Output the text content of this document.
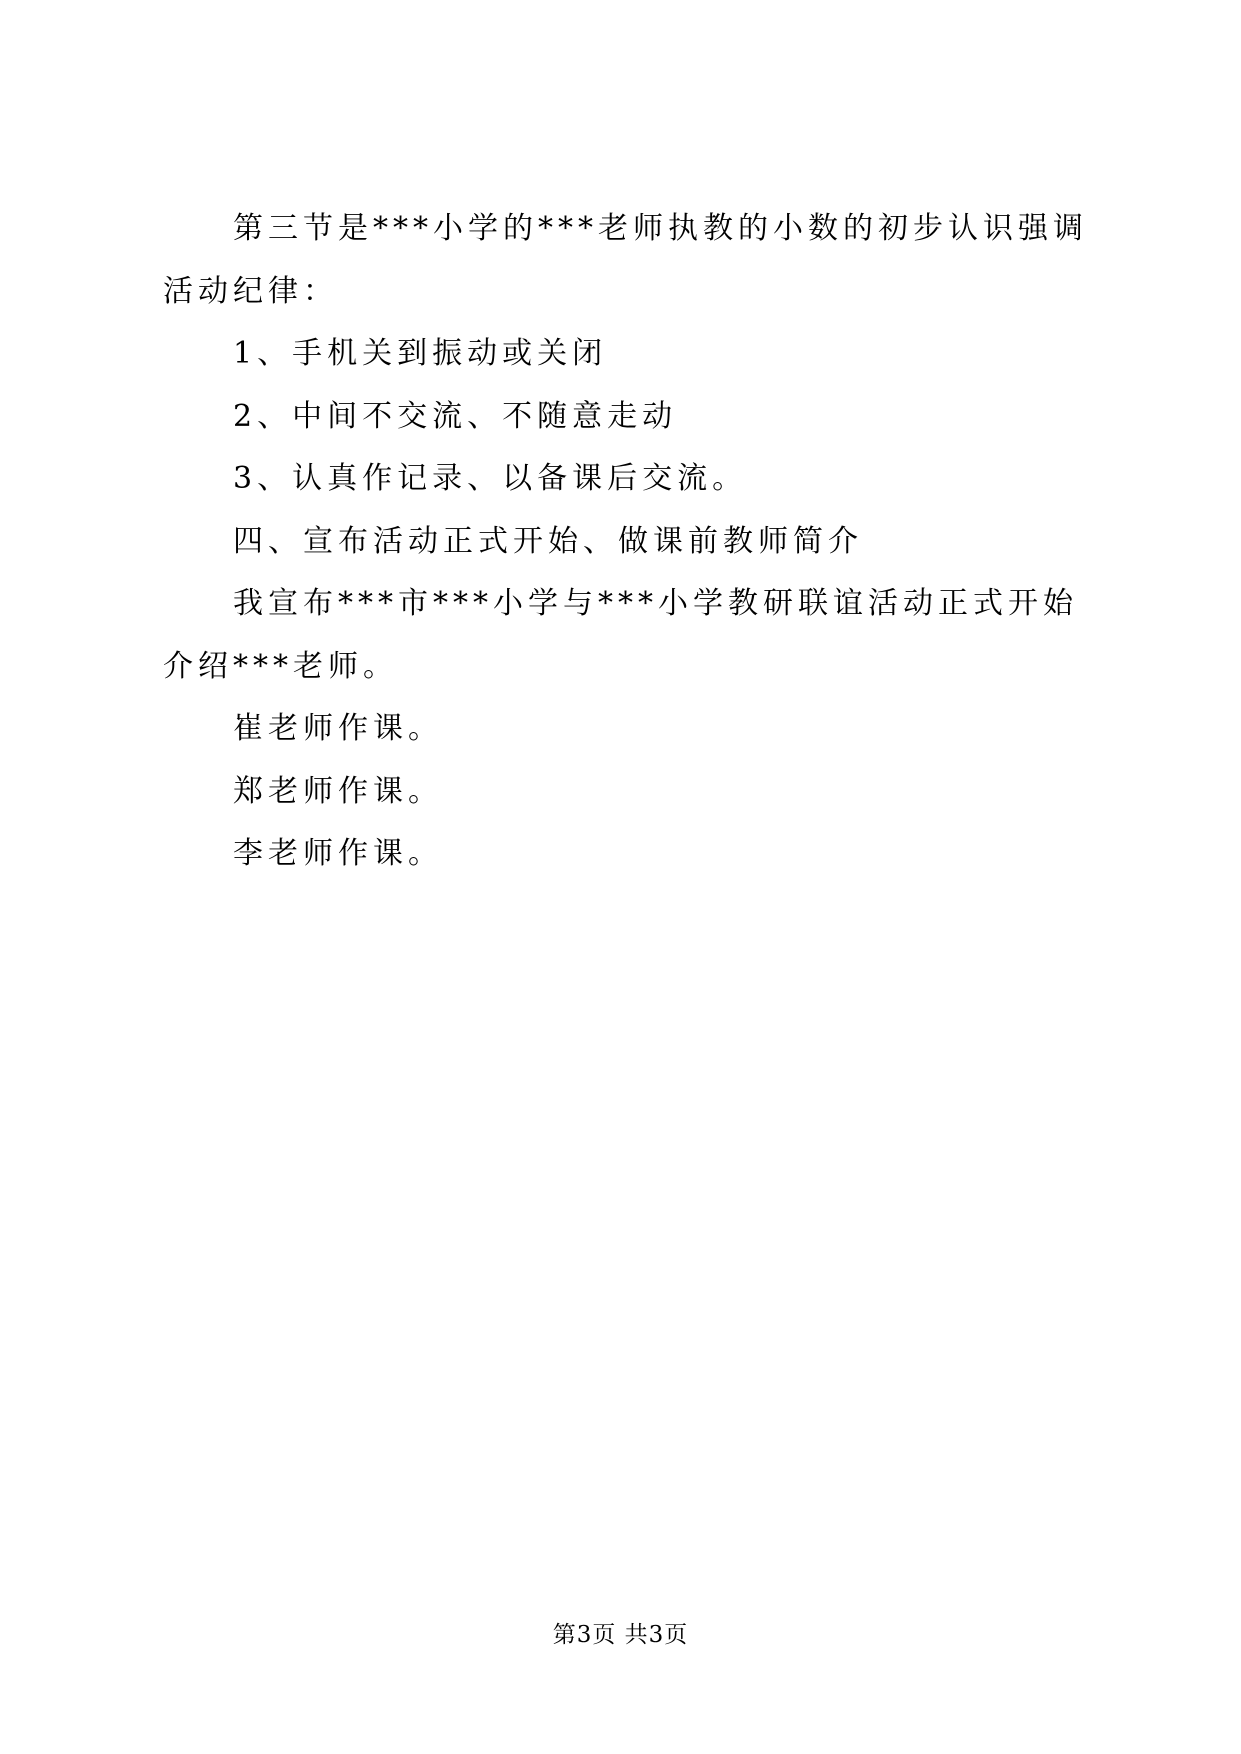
第三节是***小学的***老师执教的小数的初步认识强调活动纪律：

1、手机关到振动或关闭

2、中间不交流、不随意走动

3、认真作记录、以备课后交流。

四、宣布活动正式开始、做课前教师简介

我宣布***市***小学与***小学教研联谊活动正式开始介绍***老师。

崔老师作课。

郑老师作课。

李老师作课。

第3页 共3页
